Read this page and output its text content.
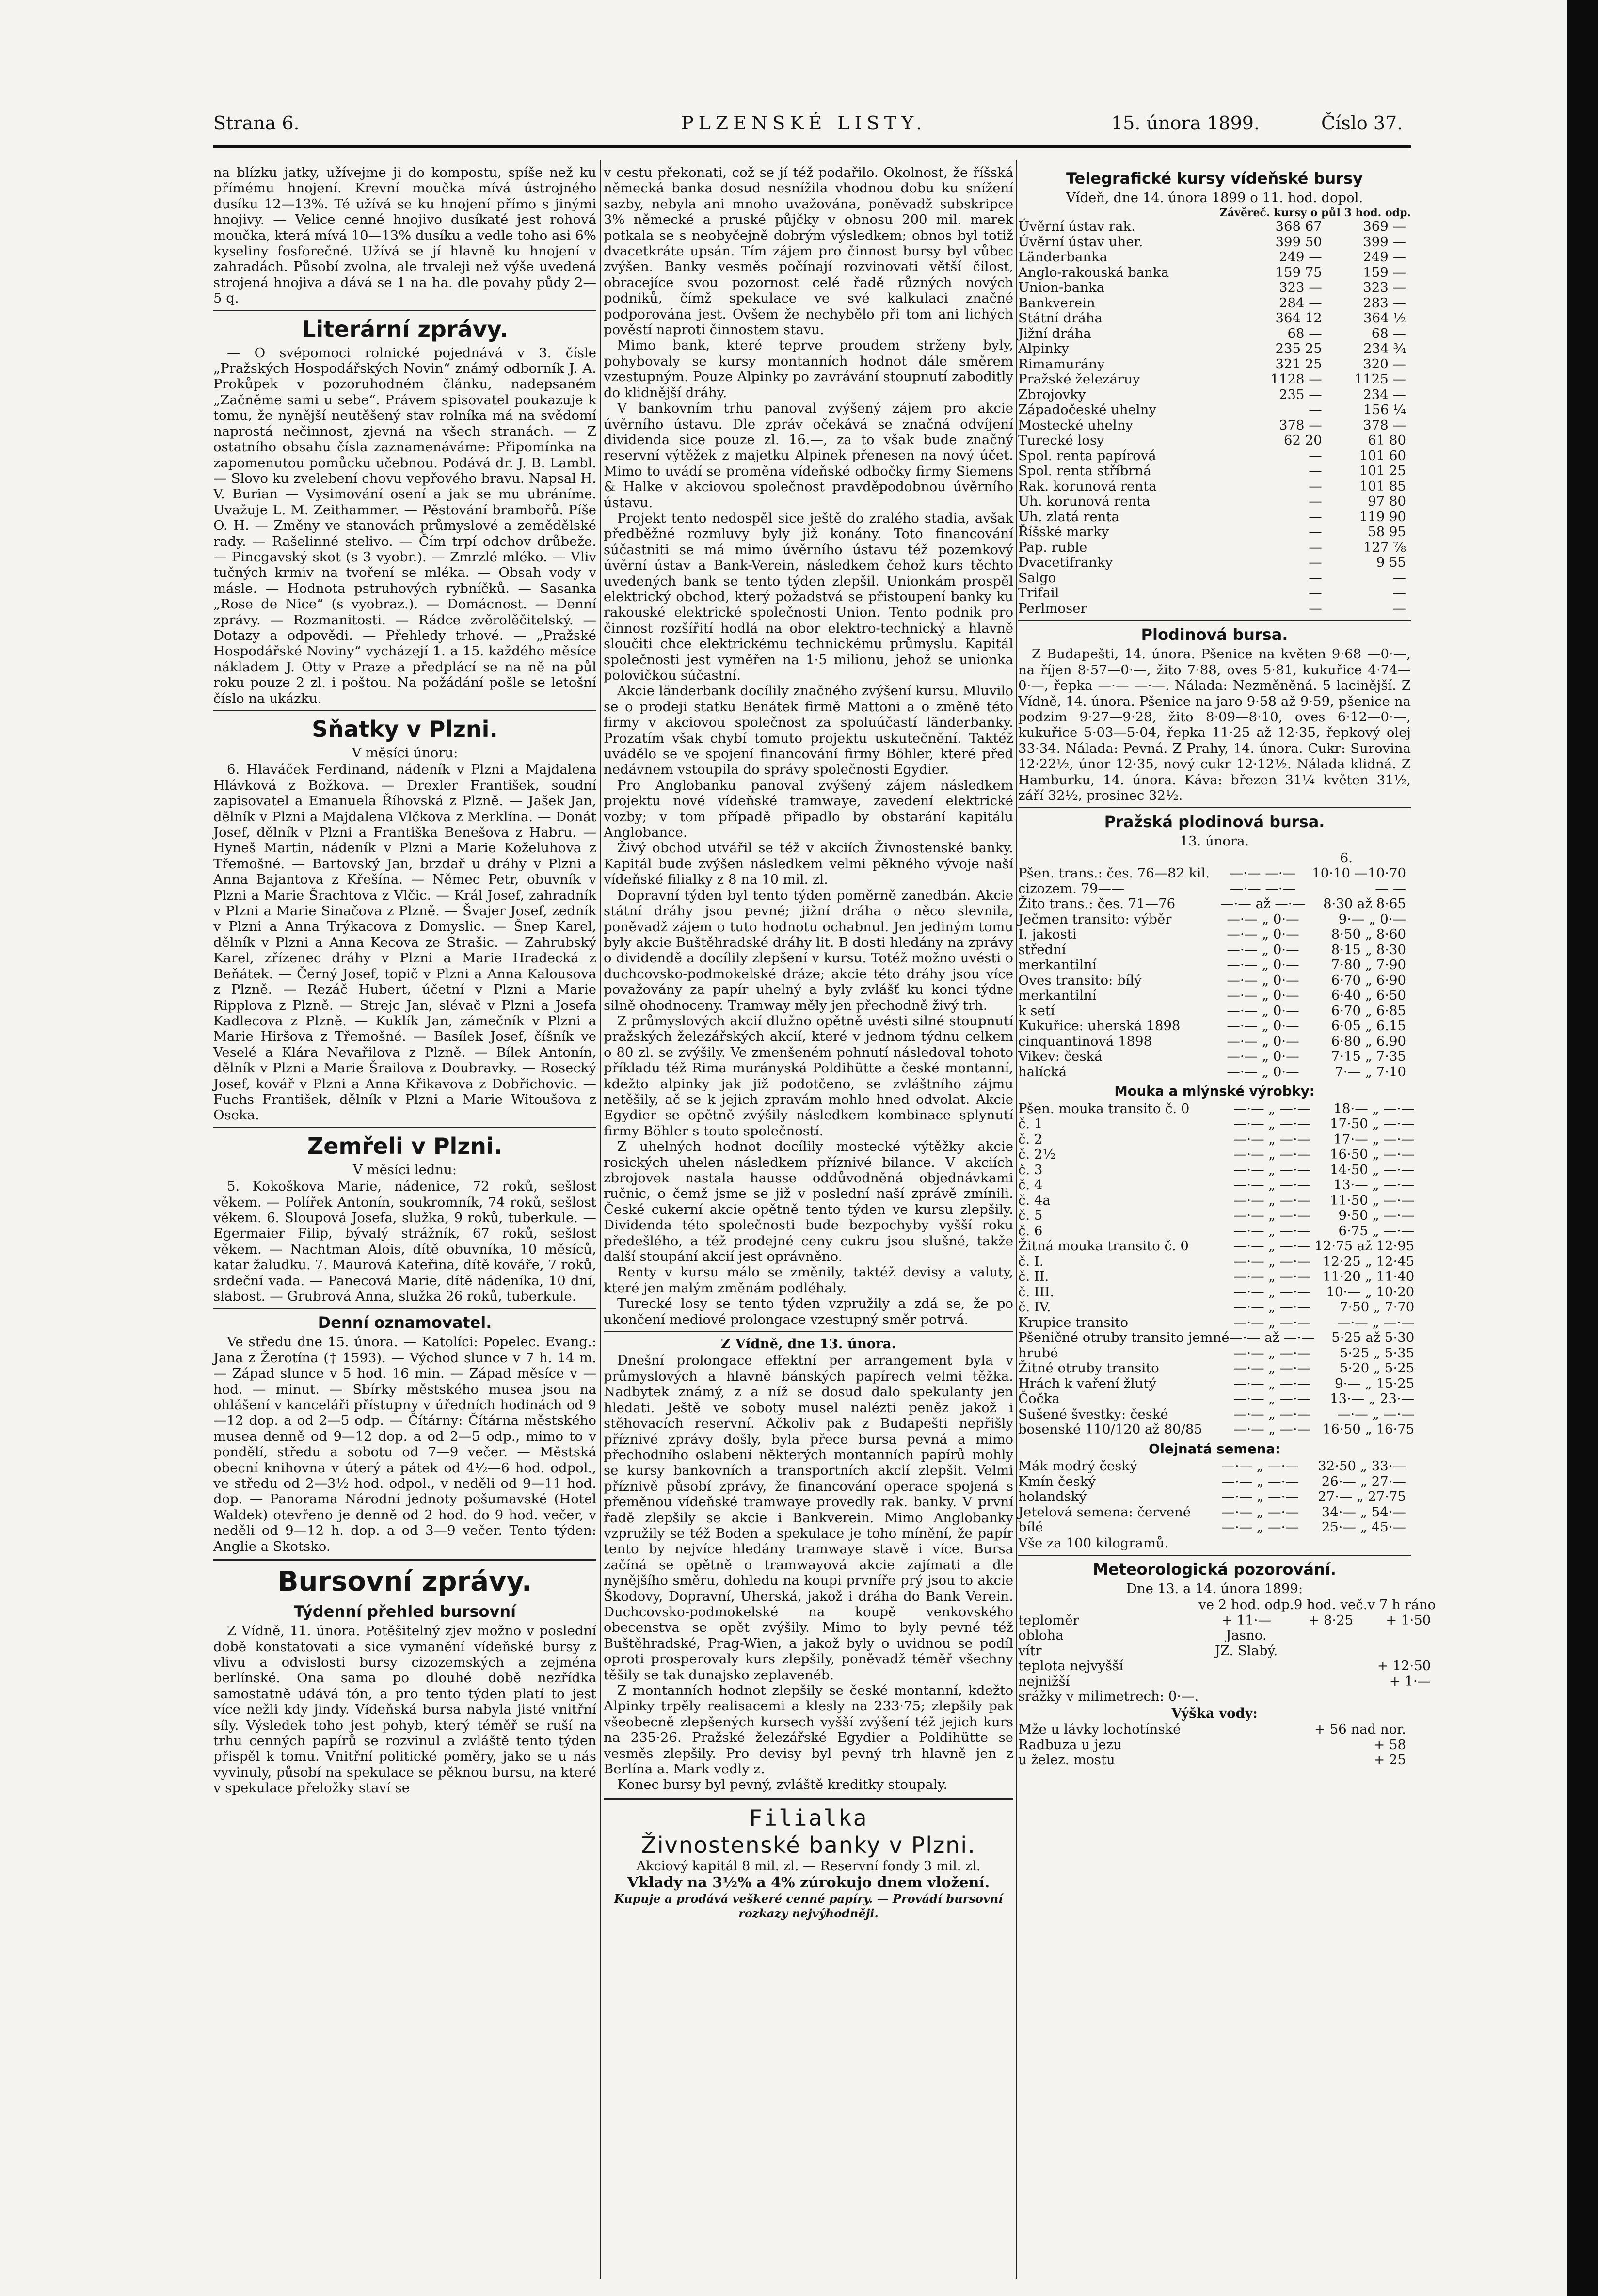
Strana 6.	PLZENSKÉ LISTY.	15. února 1899.	Číslo 37.

na blízku jatky, užívejme ji do kompostu, spíše než ku přímému hnojení. Krevní moučka mívá ústrojného dusíku 12—13%. Té užívá se ku hnojení přímo s jinými hnojivy. — Velice cenné hnojivo dusíkaté jest rohová moučka, která mívá 10—13% dusíku a vedle toho asi 6% kyseliny fosforečné. Užívá se jí hlavně ku hnojení v zahradách. Působí zvolna, ale trvaleji než výše uvedená strojená hnojiva a dává se 1 na ha. dle povahy půdy 2—5 q.

Literární zprávy.

— O svépomoci rolnické pojednává v 3. čísle „Pražských Hospodářských Novin“ známý odborník J. A. Prokůpek v pozoruhodném článku, nadepsaném „Začněme sami u sebe“. Právem spisovatel poukazuje k tomu, že nynější neutěšený stav rolníka má na svědomí naprostá nečinnost, zjevná na všech stranách. — Z ostatního obsahu čísla zaznamenáváme: Připomínka na zapomenutou pomůcku učebnou. Podává dr. J. B. Lambl. — Slovo ku zvelebení chovu vepřového bravu. Napsal H. V. Burian — Vysimování osení a jak se mu ubráníme. Uvažuje L. M. Zeithammer. — Pěstování brambořů. Píše O. H. — Změny ve stanovách průmyslové a zemědělské rady. — Rašelinné stelivo. — Čím trpí odchov drůbeže. — Pincgavský skot (s 3 vyobr.). — Zmrzlé mléko. — Vliv tučných krmiv na tvoření se mléka. — Obsah vody v másle. — Hodnota pstruhových rybníčků. — Sasanka „Rose de Nice“ (s vyobraz.). — Domácnost. — Denní zprávy. — Rozmanitosti. — Rádce zvěrolěčitelský. — Dotazy a odpovědi. — Přehledy trhové. — „Pražské Hospodářské Noviny“ vycházejí 1. a 15. každého měsíce nákladem J. Otty v Praze a předplácí se na ně na půl roku pouze 2 zl. i poštou. Na požádání pošle se letošní číslo na ukázku.

Sňatky v Plzni.
V měsíci únoru:

6. Hlaváček Ferdinand, nádeník v Plzni a Majdalena Hlávková z Božkova. — Drexler František, soudní zapisovatel a Emanuela Říhovská z Plzně. — Jašek Jan, dělník v Plzni a Majdalena Vlčkova z Merklína. — Donát Josef, dělník v Plzni a Františka Benešova z Habru. — Hyneš Martin, nádeník v Plzni a Marie Koželuhova z Třemošné. — Bartovský Jan, brzdař u dráhy v Plzni a Anna Bajantova z Křešína. — Němec Petr, obuvník v Plzni a Marie Šrachtova z Vlčic. — Král Josef, zahradník v Plzni a Marie Sinačova z Plzně. — Švajer Josef, zedník v Plzni a Anna Trýkacova z Domyslic. — Šnep Karel, dělník v Plzni a Anna Kecova ze Strašic. — Zahrubský Karel, zřízenec dráhy v Plzni a Marie Hradecká z Beňátek. — Černý Josef, topič v Plzni a Anna Kalousova z Plzně. — Rezáč Hubert, účetní v Plzni a Marie Ripplova z Plzně. — Strejc Jan, slévač v Plzni a Josefa Kadlecova z Plzně. — Kuklík Jan, zámečník v Plzni a Marie Hiršova z Třemošné. — Basílek Josef, číšník ve Veselé a Klára Nevařilova z Plzně. — Bílek Antonín, dělník v Plzni a Marie Šrailova z Doubravky. — Rosecký Josef, kovář v Plzni a Anna Křikavova z Dobřichovic. — Fuchs František, dělník v Plzni a Marie Witoušova z Oseka.

Zemřeli v Plzni.
V měsíci lednu:

5. Kokoškova Marie, nádenice, 72 roků, sešlost věkem. — Polířek Antonín, soukromník, 74 roků, sešlost věkem. 6. Sloupová Josefa, služka, 9 roků, tuberkule. — Egermaier Filip, bývalý strážník, 67 roků, sešlost věkem. — Nachtman Alois, dítě obuvníka, 10 měsíců, katar žaludku. 7. Maurová Kateřina, dítě kováře, 7 roků, srdeční vada. — Panecová Marie, dítě nádeníka, 10 dní, slabost. — Grubrová Anna, služka 26 roků, tuberkule.

Denní oznamovatel.

Ve středu dne 15. února. — Katolíci: Popelec. Evang.: Jana z Žerotína († 1593). — Východ slunce v 7 h. 14 m. — Západ slunce v 5 hod. 16 min. — Západ měsíce v — hod. — minut. — Sbírky městského musea jsou na ohlášení v kanceláři přístupny v úředních hodinách od 9—12 dop. a od 2—5 odp. — Čítárny: Čítárna městského musea denně od 9—12 dop. a od 2—5 odp., mimo to v pondělí, středu a sobotu od 7—9 večer. — Městská obecní knihovna v úterý a pátek od 4½—6 hod. odpol., ve středu od 2—3½ hod. odpol., v neděli od 9—11 hod. dop. — Panorama Národní jednoty pošumavské (Hotel Waldek) otevřeno je denně od 2 hod. do 9 hod. večer, v neděli od 9—12 h. dop. a od 3—9 večer. Tento týden: Anglie a Skotsko.

Bursovní zprávy.
Týdenní přehled bursovní

Z Vídně, 11. února. Potěšitelný zjev možno v poslední době konstatovati a sice vymanění vídeňské bursy z vlivu a odvislosti bursy cizozemských a zejména berlínské. Ona sama po dlouhé době nezřídka samostatně udává tón, a pro tento týden platí to jest více nežli kdy jindy. Vídeňská bursa nabyla jisté vnitřní síly. Výsledek toho jest pohyb, který téměř se ruší na trhu cenných papírů se rozvinul a zvláště tento týden přispěl k tomu. Vnitřní politické poměry, jako se u nás vyvinuly, působí na spekulace se pěknou bursu, na které v spekulace přeložky staví se

v cestu překonati, což se jí též podařilo. Okolnost, že říšská německá banka dosud nesnížila vhodnou dobu ku snížení sazby, nebyla ani mnoho uvažována, poněvadž subskripce 3% německé a pruské půjčky v obnosu 200 mil. marek potkala se s neobyčejně dobrým výsledkem; obnos byl totiž dvacetkráte upsán. Tím zájem pro činnost bursy byl vůbec zvýšen. Banky vesměs počínají rozvinovati větší čilost, obracejíce svou pozornost celé řadě různých nových podniků, čímž spekulace ve své kalkulaci značné podporována jest. Ovšem že nechybělo při tom ani lichých pověstí naproti činnostem stavu.

Mimo bank, které teprve proudem strženy byly, pohybovaly se kursy montanních hodnot dále směrem vzestupným. Pouze Alpinky po zavrávání stoupnutí zaboditly do klidnější dráhy.

V bankovním trhu panoval zvýšený zájem pro akcie úvěrního ústavu. Dle zpráv očekává se značná odvíjení dividenda sice pouze zl. 16.—, za to však bude značný reservní výtěžek z majetku Alpinek přenesen na nový účet. Mimo to uvádí se proměna vídeňské odbočky firmy Siemens & Halke v akciovou společnost pravděpodobnou úvěrního ústavu.

Projekt tento nedospěl sice ještě do zralého stadia, avšak předběžné rozmluvy byly již konány. Toto financování súčastniti se má mimo úvěrního ústavu též pozemkový úvěrní ústav a Bank-Verein, následkem čehož kurs těchto uvedených bank se tento týden zlepšil. Unionkám prospěl elektrický obchod, který požadstvá se přistoupení banky ku rakouské elektrické společnosti Union. Tento podnik pro činnost rozšířití hodlá na obor elektro-technický a hlavně sloučiti chce elektrickému technickému průmyslu. Kapitál společnosti jest vyměřen na 1·5 milionu, jehož se unionka polovičkou súčastní.

Akcie länderbank docílily značného zvýšení kursu. Mluvilo se o prodeji statku Benátek firmě Mattoni a o změně této firmy v akciovou společnost za spoluúčastí länderbanky. Prozatím však chybí tomuto projektu uskutečnění. Taktéž uvádělo se ve spojení financování firmy Böhler, které před nedávnem vstoupila do správy společnosti Egydier.

Pro Anglobanku panoval zvýšený zájem následkem projektu nové vídeňské tramwaye, zavedení elektrické vozby; v tom případě připadlo by obstarání kapitálu Anglobance.

Živý obchod utvářil se též v akciích Živnostenské banky. Kapitál bude zvýšen následkem velmi pěkného vývoje naší vídeňské filialky z 8 na 10 mil. zl.

Dopravní týden byl tento týden poměrně zanedbán. Akcie státní dráhy jsou pevné; jižní dráha o něco slevnila, poněvadž zájem o tuto hodnotu ochabnul. Jen jediným tomu byly akcie Buštěhradské dráhy lit. B dosti hledány na zprávy o dividendě a docílily zlepšení v kursu. Totéž možno uvésti o duchcovsko-podmokelské dráze; akcie této dráhy jsou více považovány za papír uhelný a byly zvlášť ku konci týdne silně ohodnoceny. Tramway měly jen přechodně živý trh.

Z průmyslových akcií dlužno opětně uvésti silné stoupnutí pražských železářských akcií, které v jednom týdnu celkem o 80 zl. se zvýšily. Ve zmenšeném pohnutí následoval tohoto příkladu též Rima murányská Poldihütte a české montanní, kdežto alpinky jak již podotčeno, se zvláštního zájmu netěšily, ač se k jejich zpravám mohlo hned odvolat. Akcie Egydier se opětně zvýšily následkem kombinace splynutí firmy Böhler s touto společností.

Z uhelných hodnot docílily mostecké výtěžky akcie rosických uhelen následkem příznivé bilance. V akciích zbrojovek nastala hausse oddůvodněná objednávkami ručnic, o čemž jsme se již v poslední naší zprávě zmínili. České cukerní akcie opětně tento týden ve kursu zlepšily. Dividenda této společnosti bude bezpochyby vyšší roku předešlého, a též prodejné ceny cukru jsou slušné, takže další stoupání akcií jest oprávněno.

Renty v kursu málo se změnily, taktéž devisy a valuty, které jen malým změnám podléhaly.

Turecké losy se tento týden vzpružily a zdá se, že po ukončení mediové prolongace vzestupný směr potrvá.

Z Vídně, dne 13. února.

Dnešní prolongace effektní per arrangement byla v průmyslových a hlavně bánských papírech velmi těžka. Nadbytek známý, z a níž se dosud dalo spekulanty jen hledati. Ještě ve soboty musel nalézti peněz jakož i stěhovacích reservní. Ačkoliv pak z Budapešti nepřišly příznivé zprávy došly, byla přece bursa pevná a mimo přechodního oslabení některých montanních papírů mohly se kursy bankovních a transportních akcií zlepšit. Velmi příznivě působí zprávy, že financování operace spojená s přeměnou vídeňské tramwaye provedly rak. banky. V první řadě zlepšily se akcie i Bankverein. Mimo Anglobanky vzpružily se též Boden a spekulace je toho mínění, že papír tento by nejvíce hledány tramwaye stavě i více. Bursa začíná se opětně o tramwayová akcie zajímati a dle nynějšího směru, dohledu na koupi prvníře prý jsou to akcie Škodovy, Dopravní, Uherská, jakož i dráha do Bank Verein. Duchcovsko-podmokelské na koupě venkovského obecenstva se opět zvýšily. Mimo to byly pevné též Buštěhradské, Prag-Wien, a jakož byly o uvidnou se podíl oproti prosperovaly kurs zlepšily, poněvadž téměř všechny těšily se tak dunajsko zeplavenéb.

Z montanních hodnot zlepšily se české montanní, kdežto Alpinky trpěly realisacemi a klesly na 233·75; zlepšily pak všeobecně zlepšených kursech vyšší zvýšení též jejich kurs na 235·26. Pražské železářské Egydier a Poldihütte se vesměs zlepšily. Pro devisy byl pevný trh hlavně jen z Berlína a. Mark vedly z.

Konec bursy byl pevný, zvláště kreditky stoupaly.

Filialka
Živnostenské banky v Plzni.
Akciový kapitál 8 mil. zl. — Reservní fondy 3 mil. zl.
Vklady na 3½% a 4% zúrokujo dnem vložení.
Kupuje a prodává veškeré cenné papíry. — Provádí bursovní rozkazy nejvýhodněji.
Telegrafické kursy vídeňské bursy
Vídeň, dne 14. února 1899 o 11. hod. dopol.
Závěreč. kursy o půl 3 hod. odp.
Úvěrní ústav rak.	368 67	369 —
Úvěrní ústav uher.	399 50	399 —
Länderbanka	249 —	249 —
Anglo-rakouská banka	159 75	159 —
Union-banka	323 —	323 —
Bankverein	284 —	283 —
Státní dráha	364 12	364 ½
Jižní dráha	68 —	68 —
Alpinky	235 25	234 ¾
Rimamurány	321 25	320 —
Pražské železáruy	1128 —	1125 —
Zbrojovky	235 —	234 —
Západočeské uhelny	—	156 ¼
Mostecké uhelny	378 —	378 —
Turecké losy	62 20	61 80
Spol. renta papírová	—	101 60
Spol. renta stříbrná	—	101 25
Rak. korunová renta	—	101 85
Uh. korunová renta	—	97 80
Uh. zlatá renta	—	119 90
Říšské marky	—	58 95
Pap. ruble	—	127 ⅞
Dvacetifranky	—	9 55
Salgo	—	—
Trifail	—	—
Perlmoser	—	—
Plodinová bursa.

Z Budapešti, 14. února. Pšenice na květen 9·68 —0·—, na říjen 8·57—0·—, žito 7·88, oves 5·81, kukuřice 4·74—0·—, řepka —·— —·—. Nálada: Nezměněná. 5 lacinější. Z Vídně, 14. února. Pšenice na jaro 9·58 až 9·59, pšenice na podzim 9·27—9·28, žito 8·09—8·10, oves 6·12—0·—, kukuřice 5·03—5·04, řepka 11·25 až 12·35, řepkový olej 33·34. Nálada: Pevná. Z Prahy, 14. února. Cukr: Surovina 12·22½, únor 12·35, nový cukr 12·12½. Nálada klidná. Z Hamburku, 14. února. Káva: březen 31¼ květen 31½, září 32½, prosinec 32½.

Pražská plodinová bursa.
13. února.
6.
Pšen. trans.: čes. 76—82 kil.	—·— —·—	10·10 —10·70
cizozem. 79——	—·— —·—	— —
Žito trans.: čes. 71—76	—·— až —·—	8·30 až 8·65
Ječmen transito: výběr	—·— „ 0·—	9·— „ 0·—
I. jakosti	—·— „ 0·—	8·50 „ 8·60
střední	—·— „ 0·—	8·15 „ 8·30
merkantilní	—·— „ 0·—	7·80 „ 7·90
Oves transito: bílý	—·— „ 0·—	6·70 „ 6·90
merkantilní	—·— „ 0·—	6·40 „ 6·50
k setí	—·— „ 0·—	6·70 „ 6·85
Kukuřice: uherská 1898	—·— „ 0·—	6·05 „ 6.15
cinquantinová 1898	—·— „ 0·—	6·80 „ 6.90
Vikev: česká	—·— „ 0·—	7·15 „ 7·35
halícká	—·— „ 0·—	7·— „ 7·10
Mouka a mlýnské výrobky:
Pšen. mouka transito č. 0	—·— „ —·—	18·— „ —·—
č. 1	—·— „ —·—	17·50 „ —·—
č. 2	—·— „ —·—	17·— „ —·—
č. 2½	—·— „ —·—	16·50 „ —·—
č. 3	—·— „ —·—	14·50 „ —·—
č. 4	—·— „ —·—	13·— „ —·—
č. 4a	—·— „ —·—	11·50 „ —·—
č. 5	—·— „ —·—	9·50 „ —·—
č. 6	—·— „ —·—	6·75 „ —·—
Žitná mouka transito č. 0	—·— „ —·—	12·75 až 12·95
č. I.	—·— „ —·—	12·25 „ 12·45
č. II.	—·— „ —·—	11·20 „ 11·40
č. III.	—·— „ —·—	10·— „ 10·20
č. IV.	—·— „ —·—	7·50 „ 7·70
Krupice transito	—·— „ —·—	—·— „ —·—
Pšeničné otruby transito jemné	—·— až —·—	5·25 až 5·30
hrubé	—·— „ —·—	5·25 „ 5·35
Žitné otruby transito	—·— „ —·—	5·20 „ 5·25
Hrách k vaření žlutý	—·— „ —·—	9·— „ 15·25
Čočka	—·— „ —·—	13·— „ 23·—
Sušené švestky: české	—·— „ —·—	—·— „ —·—
bosenské 110/120 až 80/85	—·— „ —·—	16·50 „ 16·75
Olejnatá semena:
Mák modrý český	—·— „ —·—	32·50 „ 33·—
Kmín český	—·— „ —·—	26·— „ 27·—
holandský	—·— „ —·—	27·— „ 27·75
Jetelová semena: červené	—·— „ —·—	34·— „ 54·—
bílé	—·— „ —·—	25·— „ 45·—
Vše za 100 kilogramů.
Meteorologická pozorování.
Dne 13. a 14. února 1899:
	ve 2 hod. odp.	9 hod. več.	v 7 h ráno
teploměr	+ 11·—	+ 8·25	+ 1·50
obloha	Jasno.		
vítr	JZ. Slabý.		
teplota nejvyšší			+ 12·50
nejnižší			+ 1·—
srážky v milimetrech: 0·—.			
Výška vody:
Mže u lávky lochotínské	+ 56 nad nor.
Radbuza u jezu	+ 58
u želez. mostu	+ 25
